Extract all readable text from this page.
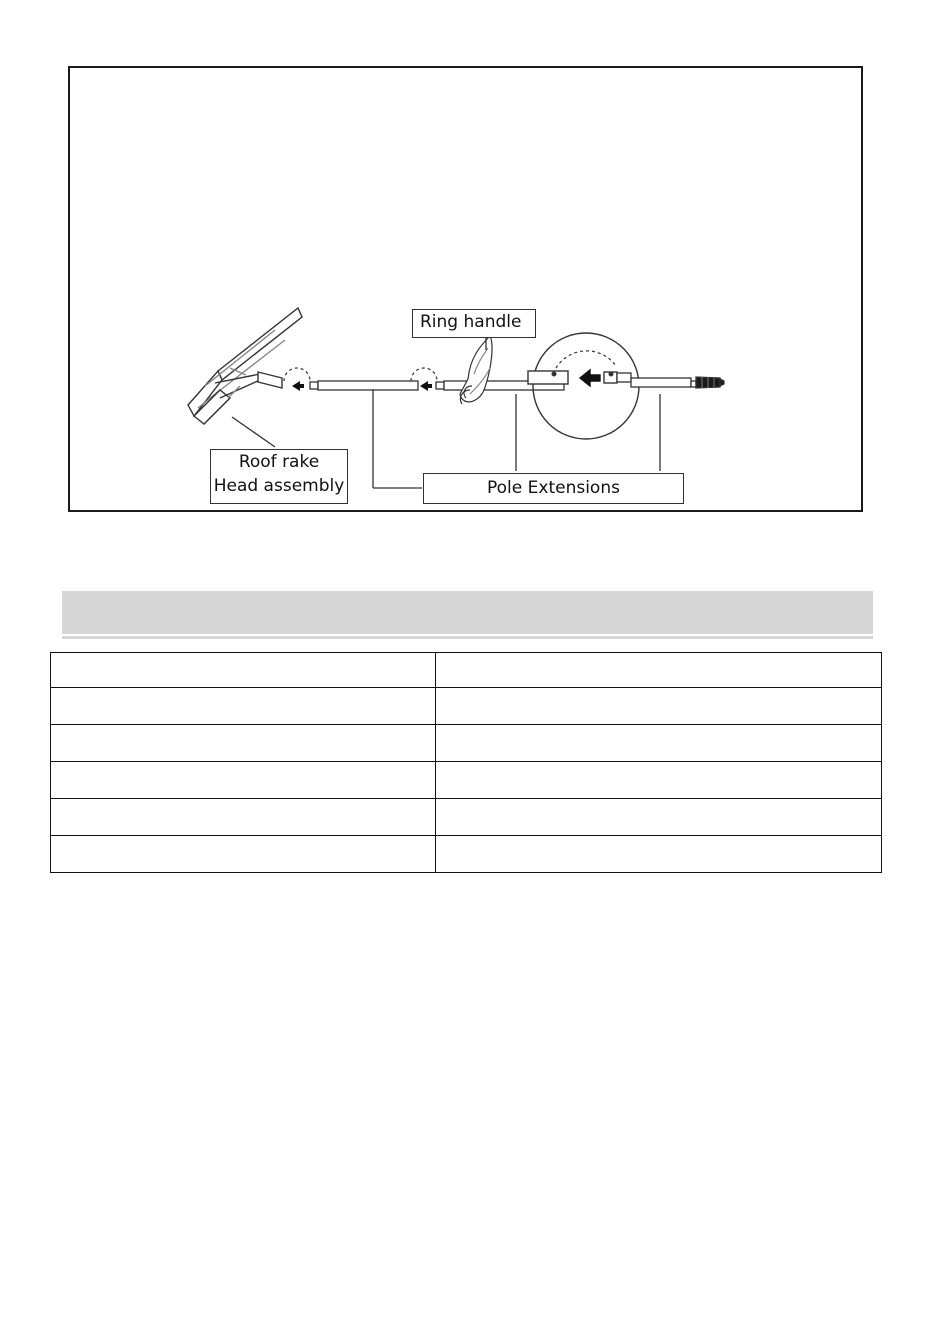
Ring handle
Roof rake
Head assembly	Pole Extensions
